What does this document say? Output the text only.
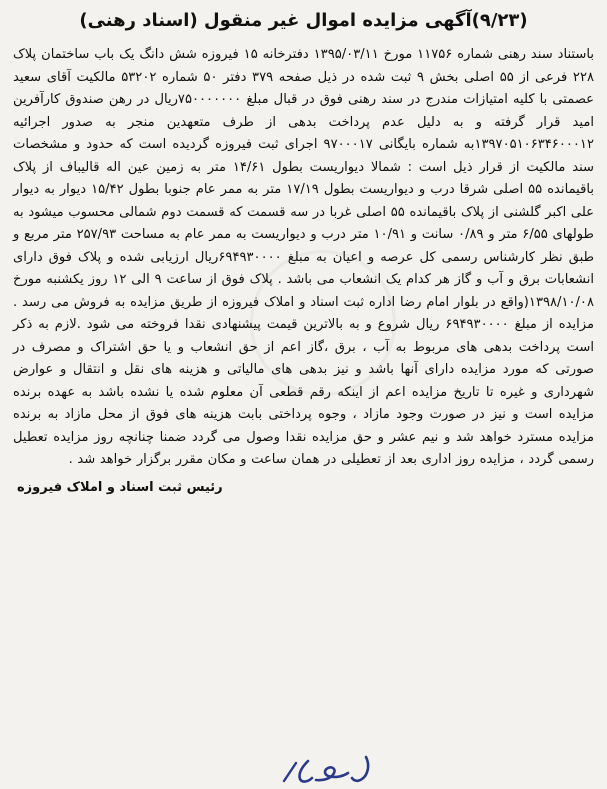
(۹/۲۳)آگهی مزایده اموال غیر منقول (اسناد رهنی)

باستناد سند رهنی شماره ۱۱۷۵۶ مورخ ۱۳۹۵/۰۳/۱۱ دفترخانه ۱۵ فیروزه شش دانگ یک باب ساختمان پلاک ۲۲۸ فرعی از ۵۵ اصلی بخش ۹ ثبت شده در ذیل صفحه ۳۷۹ دفتر ۵۰ شماره ۵۳۲۰۲ مالکیت آقای سعید عصمتی با کلیه امتیازات مندرج در سند رهنی فوق در قبال مبلغ ۷۵۰۰۰۰۰۰۰ریال در رهن صندوق کارآفرین امید قرار گرفته و به دلیل عدم پرداخت بدهی از طرف متعهدین منجر به صدور اجرائیه ۱۳۹۷۰۵۱۰۶۳۴۶۰۰۰۱۲به شماره بایگانی ۹۷۰۰۰۱۷ اجرای ثبت فیروزه گردیده است که حدود و مشخصات سند مالکیت از قرار ذیل است : شمالا دیواریست بطول ۱۴/۶۱ متر به زمین عین اله قالیباف از پلاک باقیمانده ۵۵ اصلی شرقا درب و دیواریست بطول ۱۷/۱۹ متر به ممر عام جنوبا بطول ۱۵/۴۲ دیوار به دیوار علی اکبر گلشنی از پلاک باقیمانده ۵۵ اصلی غربا در سه قسمت که قسمت دوم شمالی محسوب میشود به طولهای ۶/۵۵ متر و ۰/۸۹ سانت و ۱۰/۹۱ متر درب و دیواریست به ممر عام به مساحت ۲۵۷/۹۳ متر مربع و طبق نظر کارشناس رسمی کل عرصه و اعیان به مبلغ ۶۹۴۹۳۰۰۰۰ریال ارزیابی شده و پلاک فوق دارای انشعابات برق و آب و گاز هر کدام یک انشعاب می باشد . پلاک فوق از ساعت ۹ الی ۱۲ روز یکشنبه مورخ ۱۳۹۸/۱۰/۰۸(واقع در بلوار امام رضا اداره ثبت اسناد و املاک فیروزه از طریق مزایده به فروش می رسد . مزایده از مبلغ ۶۹۴۹۳۰۰۰۰ ریال شروع و به بالاترین قیمت پیشنهادی نقدا فروخته می شود .لازم به ذکر است پرداخت بدهی های مربوط به آب ، برق ،گاز اعم از حق انشعاب و یا حق اشتراک و مصرف در صورتی که مورد مزایده دارای آنها باشد و نیز بدهی های مالیاتی و هزینه های نقل و انتقال و عوارض شهرداری و غیره تا تاریخ مزایده اعم از اینکه رقم قطعی آن معلوم شده یا نشده باشد به عهده برنده مزایده است و نیز در صورت وجود مازاد ، وجوه پرداختی بابت هزینه های فوق از محل مازاد به برنده مزایده مسترد خواهد شد و نیم عشر و حق مزایده نقدا وصول می گردد ضمنا چنانچه روز مزایده تعطیل رسمی گردد ، مزایده روز اداری بعد از تعطیلی در همان ساعت و مکان مقرر برگزار خواهد شد .

رئیس ثبت اسناد و املاک فیروزه
